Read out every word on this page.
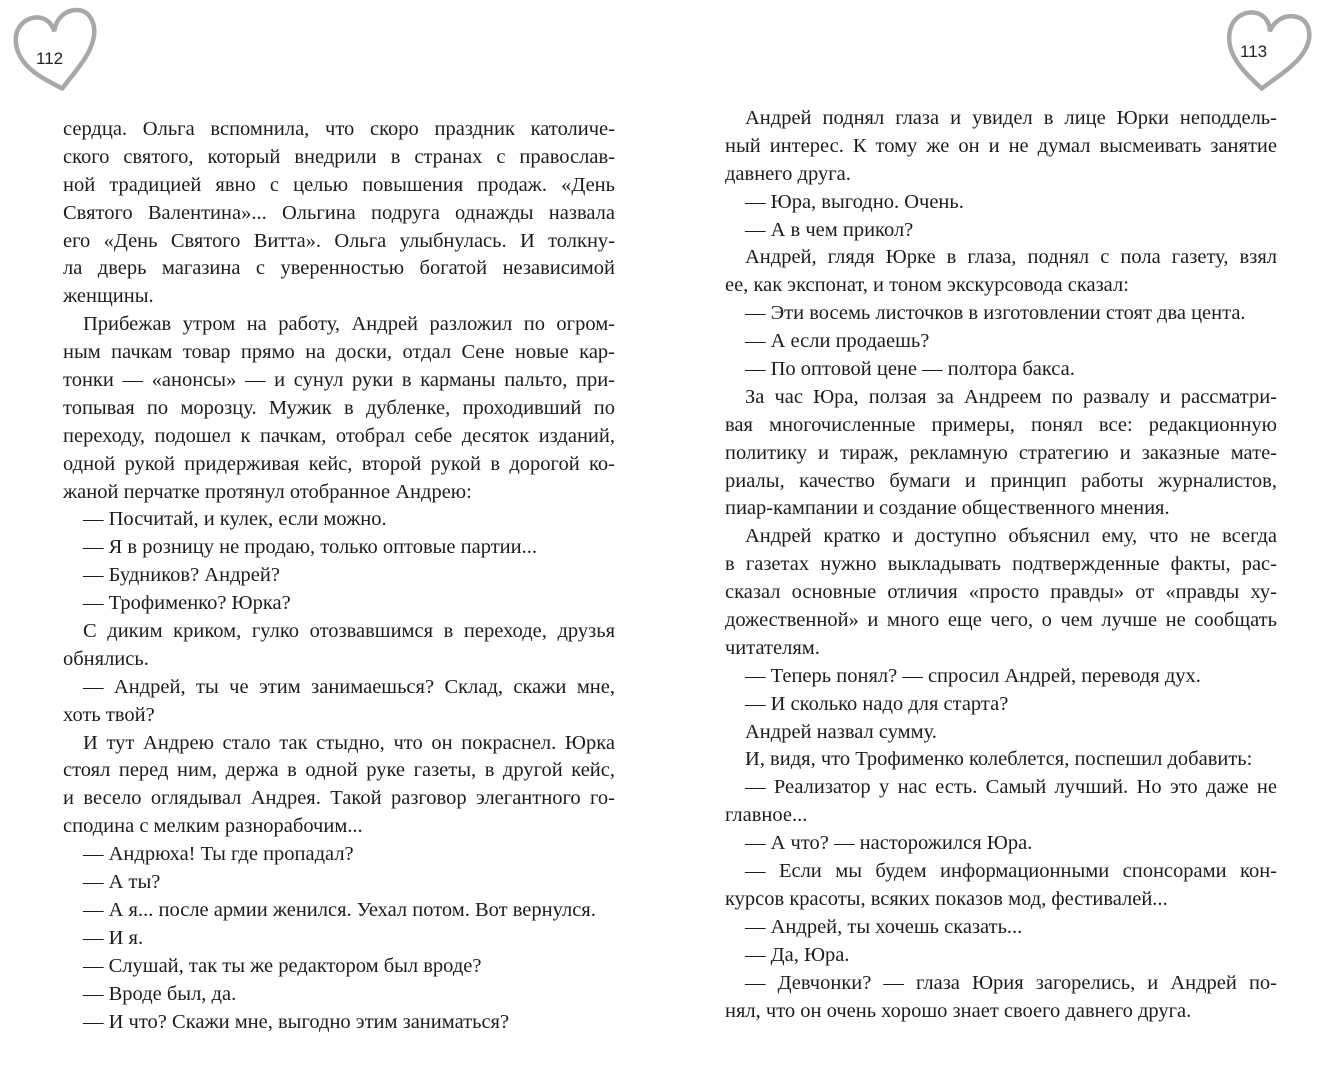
112
сердца. Ольга вспомнила, что скоро праздник католиче-
ского святого, который внедрили в странах с православ-
ной традицией явно с целью повышения продаж. «День
Святого Валентина»... Ольгина подруга однажды назвала
его «День Святого Витта». Ольга улыбнулась. И толкну-
ла дверь магазина с уверенностью богатой независимой
женщины.
Прибежав утром на работу, Андрей разложил по огром-
ным пачкам товар прямо на доски, отдал Сене новые кар-
тонки — «анонсы» — и сунул руки в карманы пальто, при-
топывая по морозцу. Мужик в дубленке, проходивший по
переходу, подошел к пачкам, отобрал себе десяток изданий,
одной рукой придерживая кейс, второй рукой в дорогой ко-
жаной перчатке протянул отобранное Андрею:
— Посчитай, и кулек, если можно.
— Я в розницу не продаю, только оптовые партии...
— Будников? Андрей?
— Трофименко? Юрка?
С диким криком, гулко отозвавшимся в переходе, друзья
обнялись.
— Андрей, ты че этим занимаешься? Склад, скажи мне,
хоть твой?
И тут Андрею стало так стыдно, что он покраснел. Юрка
стоял перед ним, держа в одной руке газеты, в другой кейс,
и весело оглядывал Андрея. Такой разговор элегантного го-
сподина с мелким разнорабочим...
— Андрюха! Ты где пропадал?
— А ты?
— А я... после армии женился. Уехал потом. Вот вернулся.
— И я.
— Слушай, так ты же редактором был вроде?
— Вроде был, да.
— И что? Скажи мне, выгодно этим заниматься?
113
Андрей поднял глаза и увидел в лице Юрки неподдель-
ный интерес. К тому же он и не думал высмеивать занятие
давнего друга.
— Юра, выгодно. Очень.
— А в чем прикол?
Андрей, глядя Юрке в глаза, поднял с пола газету, взял
ее, как экспонат, и тоном экскурсовода сказал:
— Эти восемь листочков в изготовлении стоят два цента.
— А если продаешь?
— По оптовой цене — полтора бакса.
За час Юра, ползая за Андреем по развалу и рассматри-
вая многочисленные примеры, понял все: редакционную
политику и тираж, рекламную стратегию и заказные мате-
риалы, качество бумаги и принцип работы журналистов,
пиар-кампании и создание общественного мнения.
Андрей кратко и доступно объяснил ему, что не всегда
в газетах нужно выкладывать подтвержденные факты, рас-
сказал основные отличия «просто правды» от «правды ху-
дожественной» и много еще чего, о чем лучше не сообщать
читателям.
— Теперь понял? — спросил Андрей, переводя дух.
— И сколько надо для старта?
Андрей назвал сумму.
И, видя, что Трофименко колеблется, поспешил добавить:
— Реализатор у нас есть. Самый лучший. Но это даже не
главное...
— А что? — насторожился Юра.
— Если мы будем информационными спонсорами кон-
курсов красоты, всяких показов мод, фестивалей...
— Андрей, ты хочешь сказать...
— Да, Юра.
— Девчонки? — глаза Юрия загорелись, и Андрей по-
нял, что он очень хорошо знает своего давнего друга.
